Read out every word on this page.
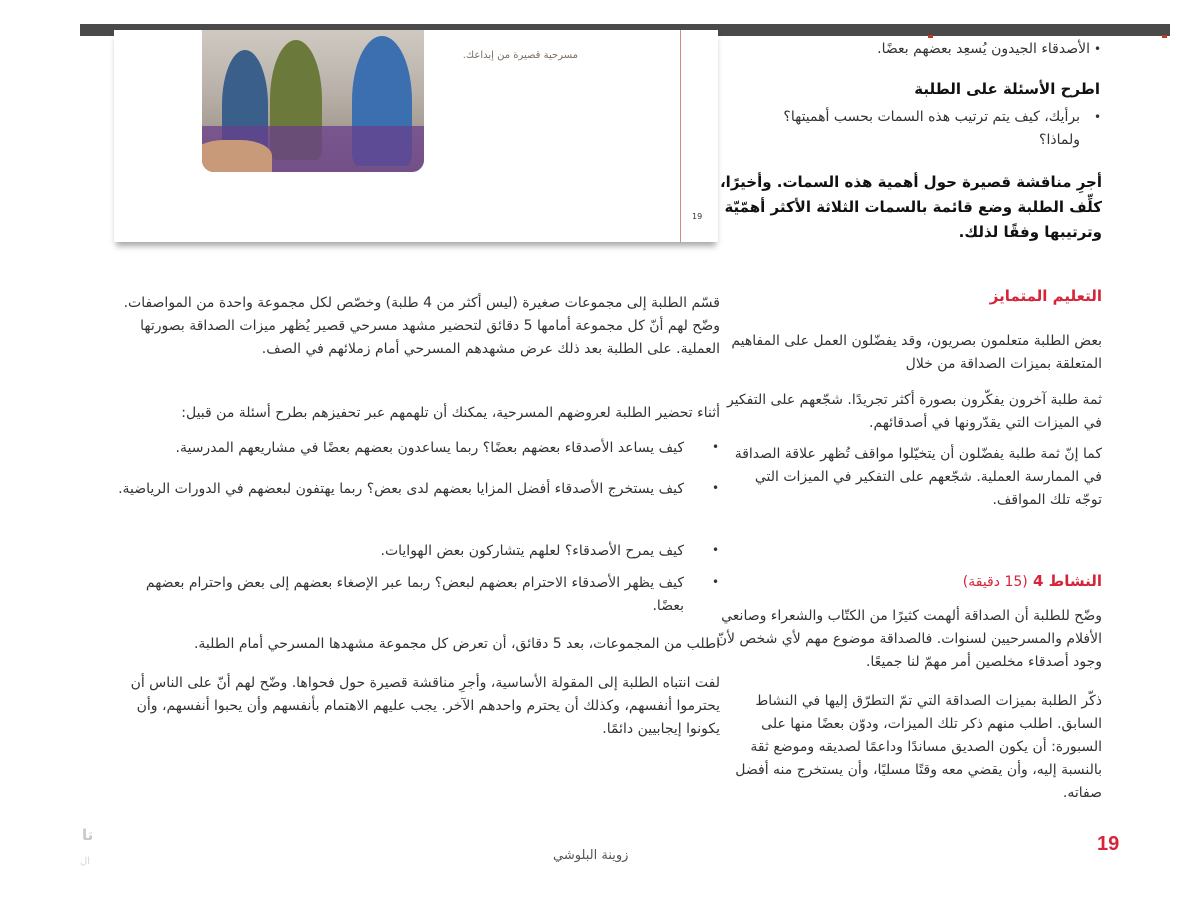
مسرحية قصيرة من إبداعك.
19
الأصدقاء الجيدون يُسعِد بعضهم بعضًا. •
اطرح الأسئلة على الطلبة
برأيك، كيف يتم ترتيب هذه السمات بحسب أهميتها؟ ولماذا؟
•
أجرِ مناقشة قصيرة حول أهمية هذه السمات. وأخيرًا، كلِّف الطلبة وضع قائمة بالسمات الثلاثة الأكثر أهمّيّة وترتيبها وفقًا لذلك.
التعليم المتمايز
بعض الطلبة متعلمون بصريون، وقد يفضّلون العمل على المفاهيم المتعلقة بميزات الصداقة من خلال
ثمة طلبة آخرون يفكّرون بصورة أكثر تجريدًا. شجّعهم على التفكير في الميزات التي يقدّرونها في أصدقائهم.
كما إنّ ثمة طلبة يفضّلون أن يتخيّلوا مواقف تُظهر علاقة الصداقة في الممارسة العملية. شجّعهم على التفكير في الميزات التي توجّه تلك المواقف.
النشاط 4 (15 دقيقة)
وضّح للطلبة أن الصداقة ألهمت كثيرًا من الكتّاب والشعراء وصانعي الأفلام والمسرحيين لسنوات. فالصداقة موضوع مهم لأي شخص لأنّ وجود أصدقاء مخلصين أمر مهمّ لنا جميعًا.
ذكّر الطلبة بميزات الصداقة التي تمّ التطرّق إليها في النشاط السابق. اطلب منهم ذكر تلك الميزات، ودوّن بعضًا منها على السبورة: أن يكون الصديق مساندًا وداعمًا لصديقه وموضع ثقة بالنسبة إليه، وأن يقضي معه وقتًا مسليًا، وأن يستخرج منه أفضل صفاته.
قسّم الطلبة إلى مجموعات صغيرة (ليس أكثر من 4 طلبة) وخصّص لكل مجموعة واحدة من المواصفات. وضّح لهم أنّ كل مجموعة أمامها 5 دقائق لتحضير مشهد مسرحي قصير يُظهر ميزات الصداقة بصورتها العملية. على الطلبة بعد ذلك عرض مشهدهم المسرحي أمام زملائهم في الصف.
أثناء تحضير الطلبة لعروضهم المسرحية، يمكنك أن تلهمهم عبر تحفيزهم بطرح أسئلة من قبيل:
كيف يساعد الأصدقاء بعضهم بعضًا؟ ربما يساعدون بعضهم بعضًا في مشاريعهم المدرسية. •
كيف يستخرج الأصدقاء أفضل المزايا بعضهم لدى بعض؟ ربما يهتفون لبعضهم في الدورات الرياضية. •
كيف يمرح الأصدقاء؟ لعلهم يتشاركون بعض الهوايات. •
كيف يظهر الأصدقاء الاحترام بعضهم لبعض؟ ربما عبر الإصغاء بعضهم إلى بعض واحترام بعضهم بعضًا.
•
اطلب من المجموعات، بعد 5 دقائق، أن تعرض كل مجموعة مشهدها المسرحي أمام الطلبة.
لفت انتباه الطلبة إلى المقولة الأساسية، وأجرِ مناقشة قصيرة حول فحواها. وضّح لهم أنّ على الناس أن يحترموا أنفسهم، وكذلك أن يحترم واحدهم الآخر. يجب عليهم الاهتمام بأنفسهم وأن يحبوا أنفسهم، وأن يكونوا إيجابيين دائمًا.
19
زوينة البلوشي
تا
ال
